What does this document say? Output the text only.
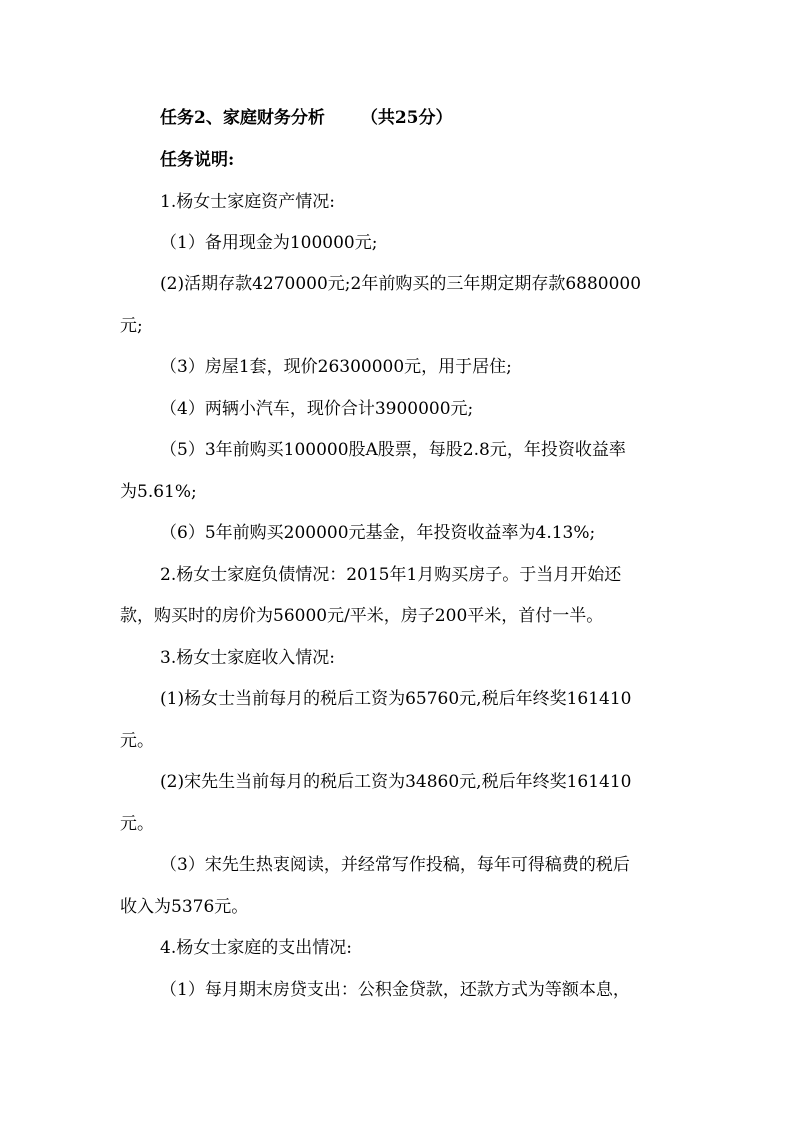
任务2、家庭财务分析 （共25分）
任务说明:
1.杨女士家庭资产情况:
（1）备用现金为100000元;
(2)活期存款4270000元;2年前购买的三年期定期存款6880000
元;
（3）房屋1套，现价26300000元，用于居住;
（4）两辆小汽车，现价合计3900000元;
（5）3年前购买100000股A股票，每股2.8元，年投资收益率
为5.61%;
（6）5年前购买200000元基金，年投资收益率为4.13%;
2.杨女士家庭负债情况：2015年1月购买房子。于当月开始还
款，购买时的房价为56000元/平米，房子200平米，首付一半。
3.杨女士家庭收入情况:
(1)杨女士当前每月的税后工资为65760元,税后年终奖161410
元。
(2)宋先生当前每月的税后工资为34860元,税后年终奖161410
元。
（3）宋先生热衷阅读，并经常写作投稿，每年可得稿费的税后
收入为5376元。
4.杨女士家庭的支出情况:
（1）每月期末房贷支出：公积金贷款，还款方式为等额本息，
